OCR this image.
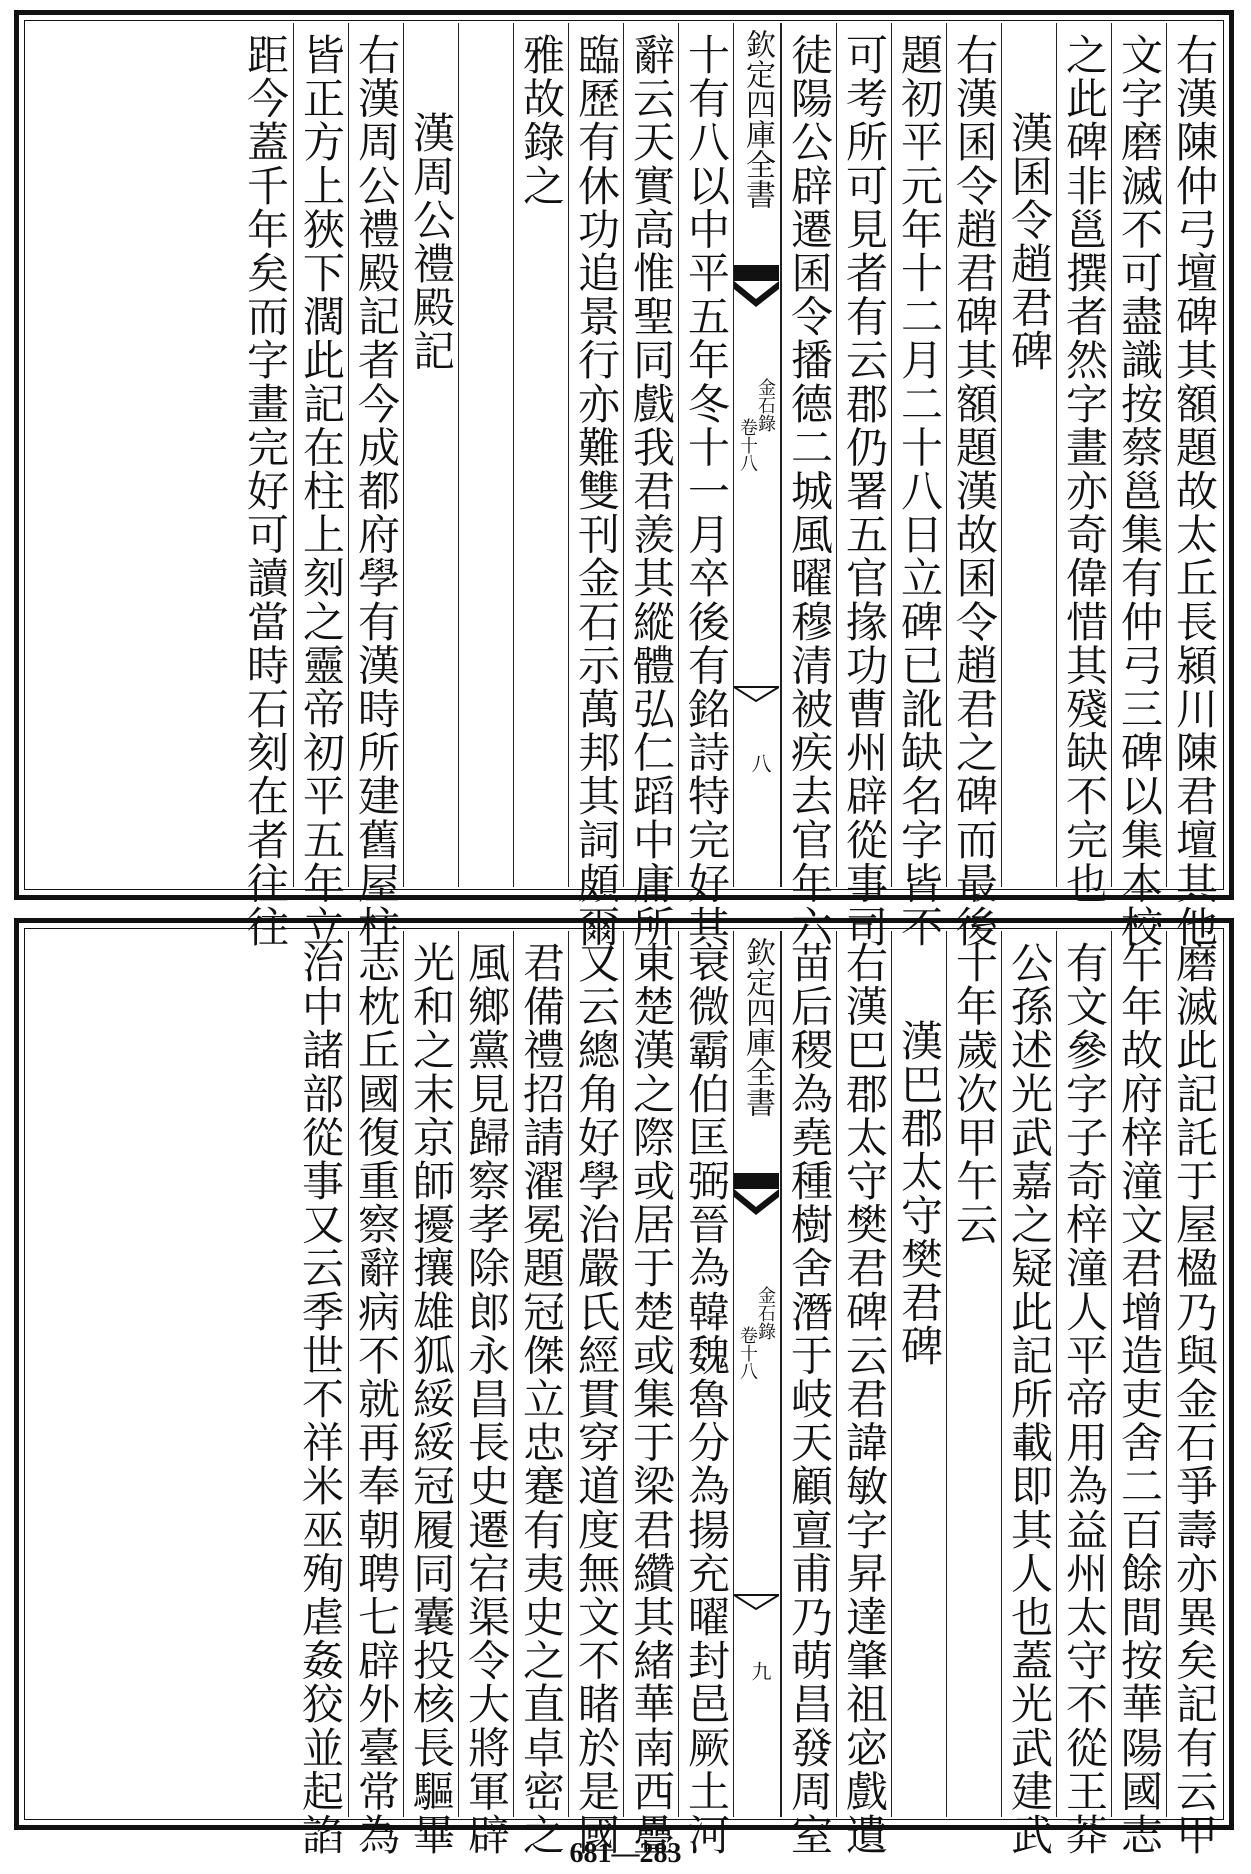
右漢陳仲弓壇碑其額題故太丘長潁川陳君壇其他
文字磨滅不可盡識按蔡邕集有仲弓三碑以集本校
之此碑非邕撰者然字畫亦奇偉惜其殘缺不完也
漢囷令趙君碑
右漢囷令趙君碑其額題漢故囷令趙君之碑而最後
題初平元年十二月二十八日立碑已訛缺名字皆不
可考所可見者有云郡仍署五官掾功曹州辟從事司
徒陽公辟遷囷令播德二城風曜穆清被疾去官年六
欽定四庫全書
金石錄
卷十八
八
十有八以中平五年冬十一月卒後有銘詩特完好其
辭云天實高惟聖同戲我君羨其縱體弘仁蹈中庸所
臨歷有休功追景行亦難雙刊金石示萬邦其詞頗爾
雅故錄之
漢周公禮殿記
右漢周公禮殿記者今成都府學有漢時所建舊屋柱
皆正方上狹下濶此記在柱上刻之靈帝初平五年立
距今蓋千年矣而字畫完好可讀當時石刻在者往往
磨滅此記託于屋楹乃與金石爭壽亦異矣記有云甲
午年故府梓潼文君增造吏舍二百餘間按華陽國志
有文參字子奇梓潼人平帝用為益州太守不從王莽
公孫述光武嘉之疑此記所載即其人也蓋光武建武
十年歲次甲午云
漢巴郡太守樊君碑
右漢巴郡太守樊君碑云君諱敏字昇達肇祖宓戲遺
苗后稷為堯種樹舍潛于岐天顧亶甫乃萌昌發周室
欽定四庫全書
金石錄
卷十八
九
衰微霸伯匡弼晉為韓魏魯分為揚充曜封邑厥土河
東楚漢之際或居于楚或集于梁君纘其緒華南西疊
又云總角好學治嚴氏經貫穿道度無文不睹於是國
君備禮招請濯冕題冠傑立忠蹇有夷史之直卓密之
風鄉黨見歸察孝除郎永昌長史遷宕渠令大將軍辟
光和之末京師擾攘雄狐綏綏冠履同囊投核長驅畢
志枕丘國復重察辭病不就再奉朝聘七辟外臺常為
治中諸部從事又云季世不祥米巫殉虐姦狡並起諂	681—283
